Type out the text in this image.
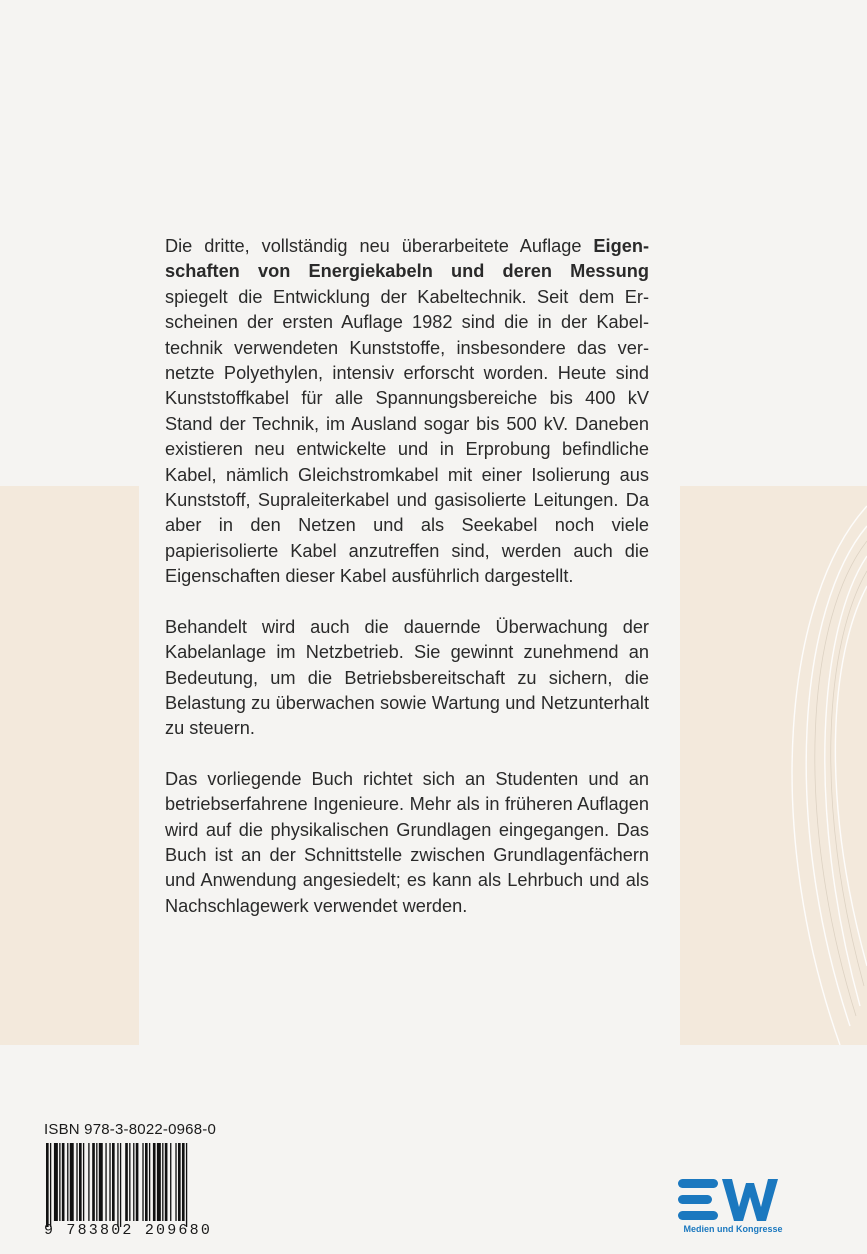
Die dritte, vollständig neu überarbeitete Auflage Eigenschaften von Energiekabeln und deren Messung spiegelt die Entwicklung der Kabeltechnik. Seit dem Erscheinen der ersten Auflage 1982 sind die in der Kabeltechnik verwendeten Kunststoffe, insbesondere das vernetzte Polyethylen, intensiv erforscht worden. Heute sind Kunststoffkabel für alle Spannungsbereiche bis 400 kV Stand der Technik, im Ausland sogar bis 500 kV. Daneben existieren neu entwickelte und in Erprobung befindliche Kabel, nämlich Gleichstromkabel mit einer Isolierung aus Kunststoff, Supraleiterkabel und gasisolierte Leitungen. Da aber in den Netzen und als Seekabel noch viele papierisolierte Kabel anzutreffen sind, werden auch die Eigenschaften dieser Kabel ausführlich dargestellt.

Behandelt wird auch die dauernde Überwachung der Kabelanlage im Netzbetrieb. Sie gewinnt zunehmend an Bedeutung, um die Betriebsbereitschaft zu sichern, die Belastung zu überwachen sowie Wartung und Netzunterhalt zu steuern.

Das vorliegende Buch richtet sich an Studenten und an betriebserfahrene Ingenieure. Mehr als in früheren Auflagen wird auf die physikalischen Grundlagen eingegangen. Das Buch ist an der Schnittstelle zwischen Grundlagenfächern und Anwendung angesiedelt; es kann als Lehrbuch und als Nachschlagewerk verwendet werden.

ISBN 978-3-8022-0968-0
9 783802 209680	Medien und Kongresse
